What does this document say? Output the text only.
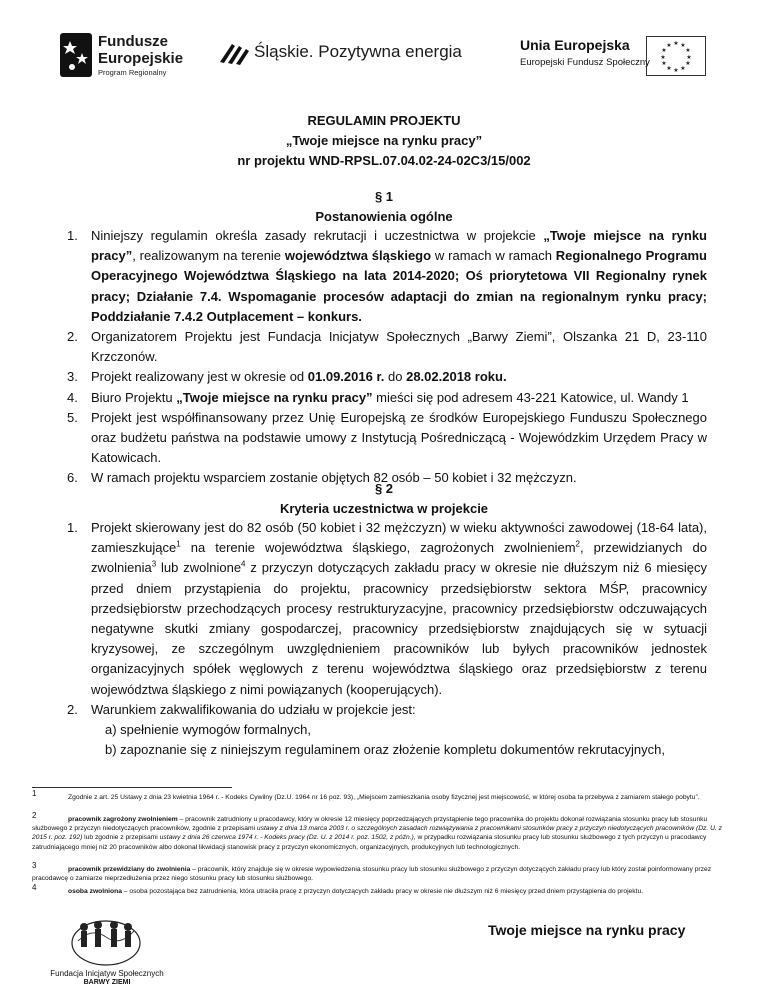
Fundusze
Europejskie
Program Regionalny
Śląskie. Pozytywna energia	Unia Europejska
Europejski Fundusz Społeczny
★ ★
★
★
★
★
★
★
★
★
★
★
REGULAMIN PROJEKTU
„Twoje miejsce na rynku pracy”
nr projektu WND-RPSL.07.04.02-24-02C3/15/002
§ 1
Postanowienia ogólne
1. Niniejszy regulamin określa zasady rekrutacji i uczestnictwa w projekcie „Twoje miejsce na rynku pracy”, realizowanym na terenie województwa śląskiego w ramach w ramach Regionalnego Programu Operacyjnego Województwa Śląskiego na lata 2014-2020; Oś priorytetowa VII Regionalny rynek pracy; Działanie 7.4. Wspomaganie procesów adaptacji do zmian na regionalnym rynku pracy; Poddziałanie 7.4.2 Outplacement – konkurs.
2. Organizatorem Projektu jest Fundacja Inicjatyw Społecznych „Barwy Ziemi”, Olszanka 21 D, 23-110 Krzczonów.
3. Projekt realizowany jest w okresie od 01.09.2016 r. do 28.02.2018 roku.
4. Biuro Projektu „Twoje miejsce na rynku pracy” mieści się pod adresem 43-221 Katowice, ul. Wandy 1
5. Projekt jest współfinansowany przez Unię Europejską ze środków Europejskiego Funduszu Społecznego oraz budżetu państwa na podstawie umowy z Instytucją Pośredniczącą - Wojewódzkim Urzędem Pracy w Katowicach.
6. W ramach projektu wsparciem zostanie objętych 82 osób – 50 kobiet i 32 mężczyzn.
§ 2
Kryteria uczestnictwa w projekcie
1. Projekt skierowany jest do 82 osób (50 kobiet i 32 mężczyzn) w wieku aktywności zawodowej (18-64 lata), zamieszkujące$^1$ na terenie województwa śląskiego, zagrożonych zwolnieniem$^2$, przewidzianych do zwolnienia$^3$ lub zwolnione$^4$ z przyczyn dotyczących zakładu pracy w okresie nie dłuższym niż 6 miesięcy przed dniem przystąpienia do projektu, pracownicy przedsiębiorstw sektora MŚP, pracownicy przedsiębiorstw przechodzących procesy restrukturyzacyjne, pracownicy przedsiębiorstw odczuwających negatywne skutki zmiany gospodarczej, pracownicy przedsiębiorstw znajdujących się w sytuacji kryzysowej, ze szczególnym uwzględnieniem pracowników lub byłych pracowników jednostek organizacyjnych spółek węglowych z terenu województwa śląskiego oraz przedsiębiorstw z terenu województwa śląskiego z nimi powiązanych (kooperujących).
2. Warunkiem zakwalifikowania do udziału w projekcie jest:
a) spełnienie wymogów formalnych,
b) zapoznanie się z niniejszym regulaminem oraz złożenie kompletu dokumentów rekrutacyjnych,
$^1$	Zgodnie z art. 25 Ustawy z dnia 23 kwietnia 1964 r. - Kodeks Cywilny (Dz.U. 1964 nr 16 poz. 93), „Miejscem zamieszkania osoby fizycznej jest miejscowość, w której osoba ta przebywa z zamiarem stałego pobytu”.
$^2$	pracownik zagrożony zwolnieniem – pracownik zatrudniony u pracodawcy, który w okresie 12 miesięcy poprzedzających przystąpienie tego pracownika do projektu dokonał rozwiązania stosunku pracy lub stosunku służbowego z przyczyn niedotyczących pracowników, zgodnie z przepisami ustawy z dnia 13 marca 2003 r. o szczególnych zasadach rozwiązywania z pracownikami stosunków pracy z przyczyn niedotyczących pracowników (Dz. U. z 2015 r. poz. 192) lub zgodnie z przepisami ustawy z dnia 26 czerwca 1974 r. - Kodeks pracy (Dz. U. z 2014 r. poz. 1502, z późn.), w przypadku rozwiązania stosunku pracy lub stosunku służbowego z tych przyczyn u pracodawcy zatrudniającego mniej niż 20 pracowników albo dokonał likwidacji stanowisk pracy z przyczyn ekonomicznych, organizacyjnych, produkcyjnych lub technologicznych.
$^3$	pracownik przewidziany do zwolnienia – pracownik, który znajduje się w okresie wypowiedzenia stosunku pracy lub stosunku służbowego z przyczyn dotyczących zakładu pracy lub który został poinformowany przez pracodawcę o zamiarze nieprzedłużenia przez niego stosunku pracy lub stosunku służbowego.
$^4$	osoba zwolniona – osoba pozostająca bez zatrudnienia, która utraciła pracę z przyczyn dotyczących zakładu pracy w okresie nie dłuższym niż 6 miesięcy przed dniem przystąpienia do projektu.
Fundacja Inicjatyw Społecznych
BARWY ZIEMI
Twoje miejsce na rynku pracy
